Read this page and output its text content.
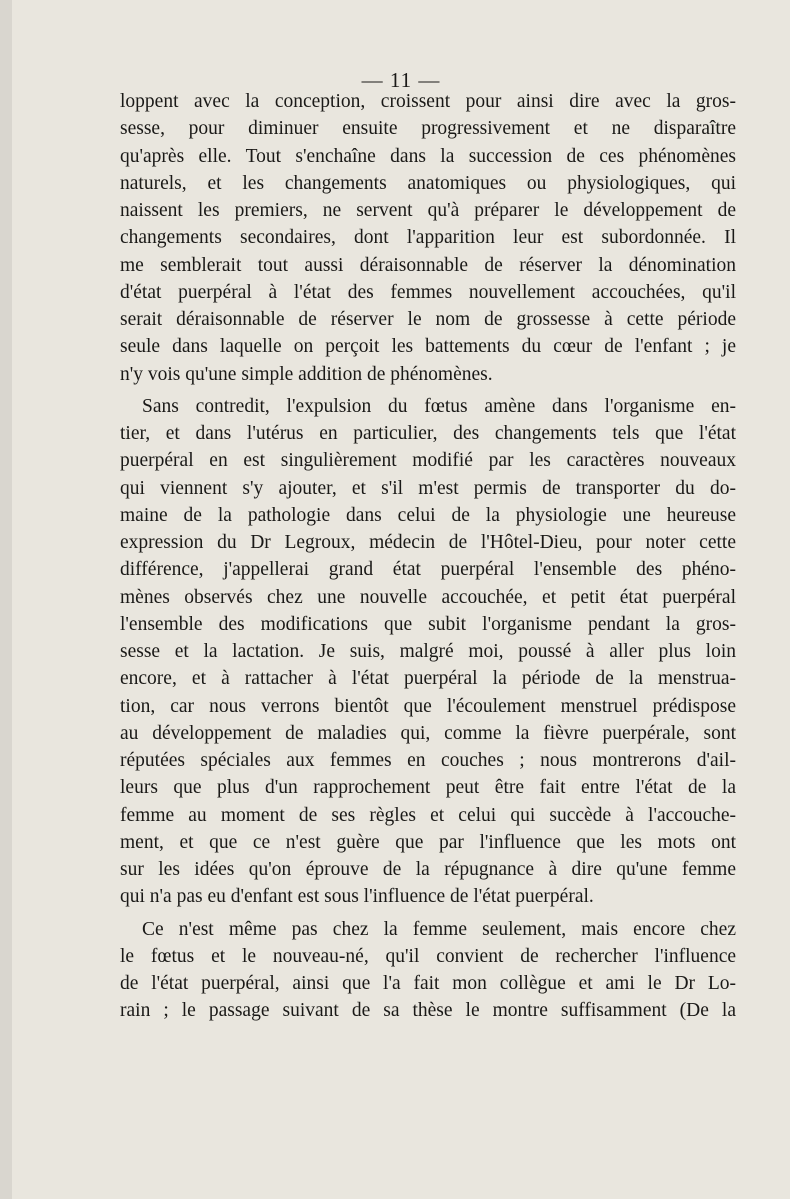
— 11 —
loppent avec la conception, croissent pour ainsi dire avec la gros-
sesse, pour diminuer ensuite progressivement et ne disparaître
qu'après elle. Tout s'enchaîne dans la succession de ces phénomènes
naturels, et les changements anatomiques ou physiologiques, qui
naissent les premiers, ne servent qu'à préparer le développement de
changements secondaires, dont l'apparition leur est subordonnée. Il
me semblerait tout aussi déraisonnable de réserver la dénomination
d'état puerpéral à l'état des femmes nouvellement accouchées, qu'il
serait déraisonnable de réserver le nom de grossesse à cette période
seule dans laquelle on perçoit les battements du cœur de l'enfant ; je
n'y vois qu'une simple addition de phénomènes.
Sans contredit, l'expulsion du fœtus amène dans l'organisme en-
tier, et dans l'utérus en particulier, des changements tels que l'état
puerpéral en est singulièrement modifié par les caractères nouveaux
qui viennent s'y ajouter, et s'il m'est permis de transporter du do-
maine de la pathologie dans celui de la physiologie une heureuse
expression du Dr Legroux, médecin de l'Hôtel-Dieu, pour noter cette
différence, j'appellerai grand état puerpéral l'ensemble des phéno-
mènes observés chez une nouvelle accouchée, et petit état puerpéral
l'ensemble des modifications que subit l'organisme pendant la gros-
sesse et la lactation. Je suis, malgré moi, poussé à aller plus loin
encore, et à rattacher à l'état puerpéral la période de la menstrua-
tion, car nous verrons bientôt que l'écoulement menstruel prédispose
au développement de maladies qui, comme la fièvre puerpérale, sont
réputées spéciales aux femmes en couches ; nous montrerons d'ail-
leurs que plus d'un rapprochement peut être fait entre l'état de la
femme au moment de ses règles et celui qui succède à l'accouche-
ment, et que ce n'est guère que par l'influence que les mots ont
sur les idées qu'on éprouve de la répugnance à dire qu'une femme
qui n'a pas eu d'enfant est sous l'influence de l'état puerpéral.
Ce n'est même pas chez la femme seulement, mais encore chez
le fœtus et le nouveau-né, qu'il convient de rechercher l'influence
de l'état puerpéral, ainsi que l'a fait mon collègue et ami le Dr Lo-
rain ; le passage suivant de sa thèse le montre suffisamment (De la
